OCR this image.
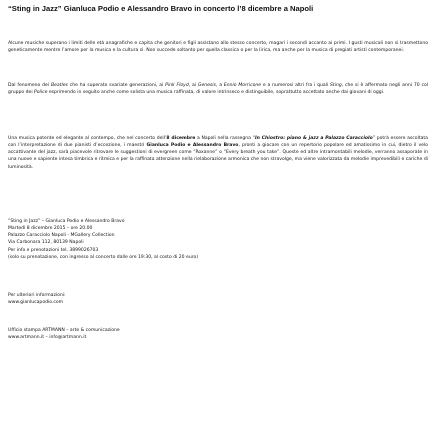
“Sting in Jazz” Gianluca Podio e Alessandro Bravo in concerto l’8 dicembre a Napoli
Alcune musiche superano i limiti delle età anagrafiche e capita che genitori e figli assistano allo stesso concerto, magari i secondi accanto ai primi. I gusti musicali non si trasmettono geneticamente mentre l’amore per la musica e la cultura sì. Non succede soltanto per quella classica o per la lirica, ma anche per la musica di pregiati artisti contemporanei.
Dal fenomeno dei Beatles che ha superato svariate generazioni, ai Pink Floyd, ai Genesis, a Ennio Morricone e a numerosi altri fra i quali Sting, che si è affermato negli anni 70 col gruppo dei Police esprimendo in seguito anche come solista una musica raffinata, di valore intrinseco e distinguibile, soprattutto accettato anche dai giovani di oggi.
Una musica potente ed elegante al contempo, che nel concerto dell’8 dicembre a Napoli nella rassegna “In Chiostro: piano & jazz a Palazzo Caracciolo” potrà essere ascoltata con l’interpretazione di due pianisti d’eccezione, i maestri Gianluca Podio e Alessandro Bravo, pronti a giocare con un repertorio popolare ed amatissimo in cui, dietro il velo accattivante del jazz, sarà piacevole ritrovare le suggestioni di evergreen come “Roxanne” o “Every breath you take”. Queste ed altre intramontabili melodie, verranno assaporate in una nuove e sapiente intesa timbrica e ritmica e per la raffinata attenzione nella rielaborazione armonica che non stravolge, ma viene valorizzata da melodie imprevedibili e cariche di luminosità.
“Sting in Jazz” – Gianluca Podio e Alessandro Bravo
Martedì 8 dicembre 2015 – ore 20.00
Palazzo Caracciolo Napoli - MGallery Collection
Via Carbonara 112, 80139 Napoli
Per info e prenotazioni tel. 3899026703
(solo su prenotazione, con ingresso al concerto dalle ore 19:30, al costo di 20 euro)
Per ulteriori informazioni:
www.gianlucapodio.com
Ufficio stampa ARTMANN – arte & comunicazione
www.artmann.it – info@artmann.it
